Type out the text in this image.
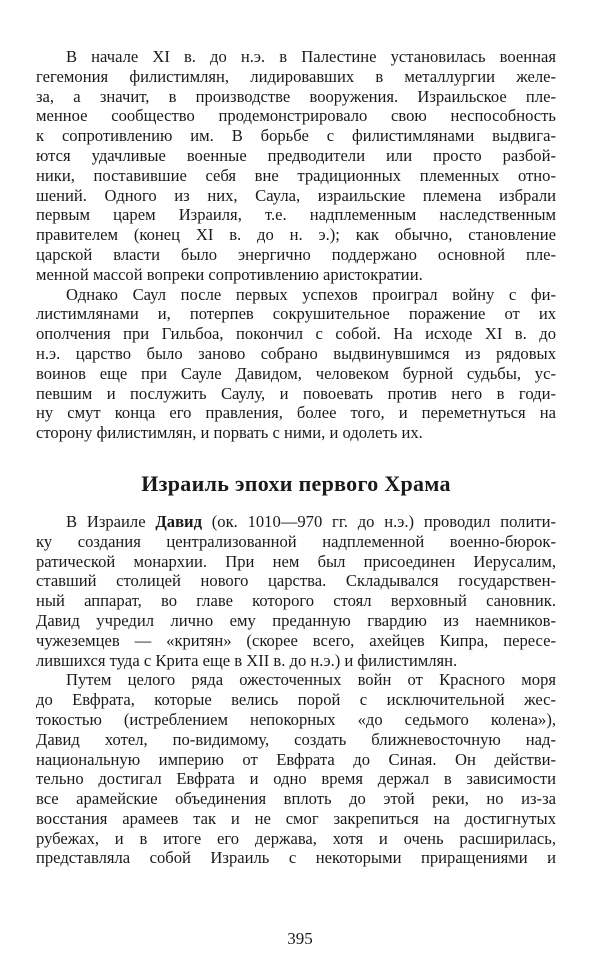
В начале XI в. до н.э. в Палестине установилась военная
гегемония филистимлян, лидировавших в металлургии желе-
за, а значит, в производстве вооружения. Израильское пле-
менное сообщество продемонстрировало свою неспособность
к сопротивлению им. В борьбе с филистимлянами выдвига-
ются удачливые военные предводители или просто разбой-
ники, поставившие себя вне традиционных племенных отно-
шений. Одного из них, Саула, израильские племена избрали
первым царем Израиля, т.е. надплеменным наследственным
правителем (конец XI в. до н. э.); как обычно, становление
царской власти было энергично поддержано основной пле-
менной массой вопреки сопротивлению аристократии.
Однако Саул после первых успехов проиграл войну с фи-
листимлянами и, потерпев сокрушительное поражение от их
ополчения при Гильбоа, покончил с собой. На исходе XI в. до
н.э. царство было заново собрано выдвинувшимся из рядовых
воинов еще при Сауле Давидом, человеком бурной судьбы, ус-
певшим и послужить Саулу, и повоевать против него в годи-
ну смут конца его правления, более того, и переметнуться на
сторону филистимлян, и порвать с ними, и одолеть их.
Израиль эпохи первого Храма
В Израиле Давид (ок. 1010—970 гг. до н.э.) проводил полити-
ку создания централизованной надплеменной военно-бюрок-
ратической монархии. При нем был присоединен Иерусалим,
ставший столицей нового царства. Складывался государствен-
ный аппарат, во главе которого стоял верховный сановник.
Давид учредил лично ему преданную гвардию из наемников-
чужеземцев — «критян» (скорее всего, ахейцев Кипра, пересе-
лившихся туда с Крита еще в XII в. до н.э.) и филистимлян.
Путем целого ряда ожесточенных войн от Красного моря
до Евфрата, которые велись порой с исключительной жес-
токостью (истреблением непокорных «до седьмого колена»),
Давид хотел, по-видимому, создать ближневосточную над-
национальную империю от Евфрата до Синая. Он действи-
тельно достигал Евфрата и одно время держал в зависимости
все арамейские объединения вплоть до этой реки, но из-за
восстания арамеев так и не смог закрепиться на достигнутых
рубежах, и в итоге его держава, хотя и очень расширилась,
представляла собой Израиль с некоторыми приращениями и
395
